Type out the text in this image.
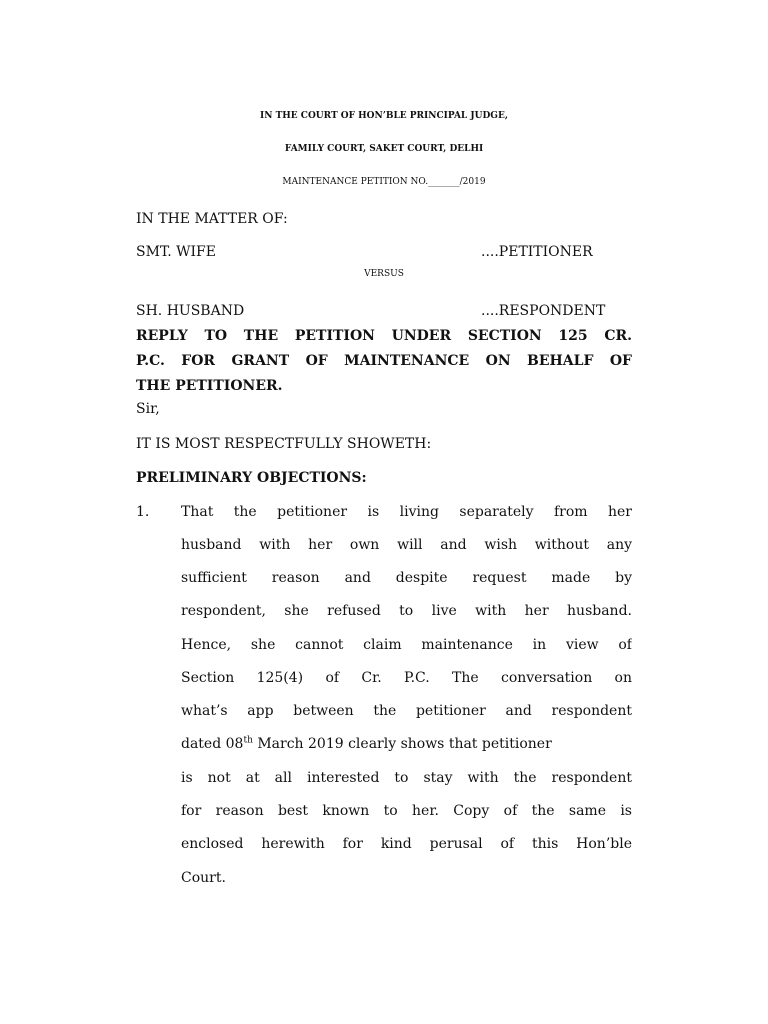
IN THE COURT OF HON’BLE PRINCIPAL JUDGE,
FAMILY COURT, SAKET COURT, DELHI
MAINTENANCE PETITION NO._______/2019
IN THE MATTER OF:
SMT. WIFE	....PETITIONER
VERSUS
SH. HUSBAND	....RESPONDENT
REPLY TO THE PETITION UNDER SECTION 125 CR.
P.C. FOR GRANT OF MAINTENANCE ON BEHALF OF
THE PETITIONER.
Sir,
IT IS MOST RESPECTFULLY SHOWETH:
PRELIMINARY OBJECTIONS:
1. That the petitioner is living separately from her
husband with her own will and wish without any
sufficient reason and despite request made by
respondent, she refused to live with her husband.
Hence, she cannot claim maintenance in view of
Section 125(4) of Cr. P.C. The conversation on
what’s app between the petitioner and respondent
dated 08th March 2019 clearly shows that petitioner
is not at all interested to stay with the respondent
for reason best known to her. Copy of the same is
enclosed herewith for kind perusal of this Hon’ble
Court.
